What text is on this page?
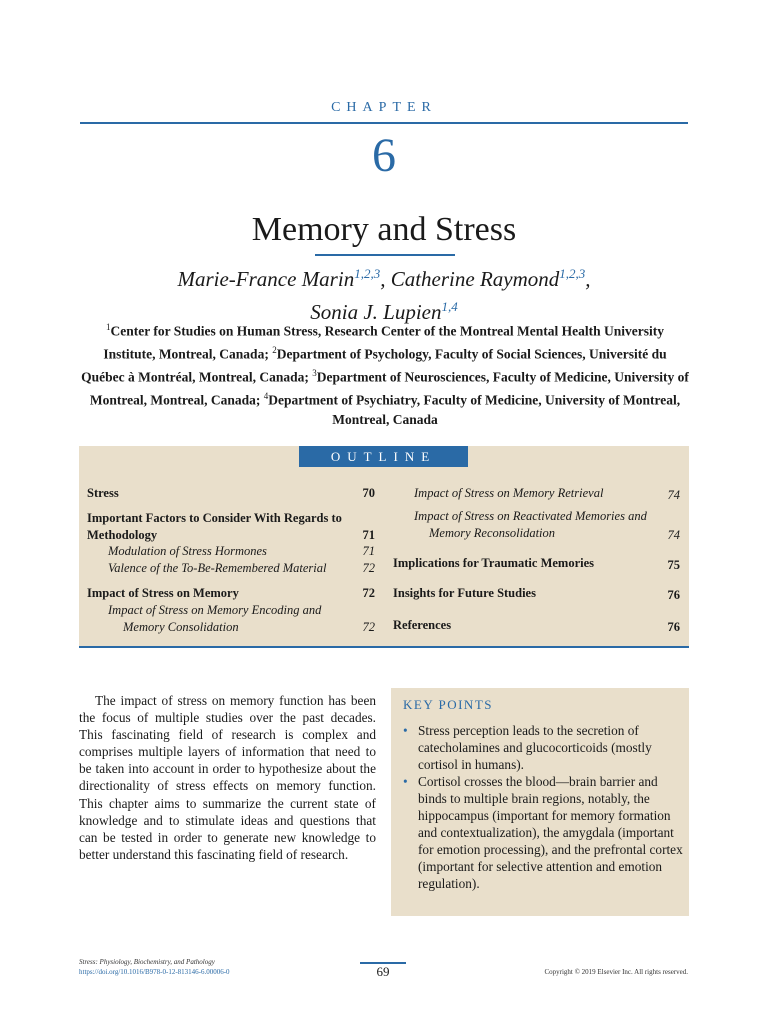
CHAPTER
6
Memory and Stress
Marie-France Marin$^{1,2,3}$, Catherine Raymond$^{1,2,3}$,
Sonia J. Lupien$^{1,4}$
$^1$Center for Studies on Human Stress, Research Center of the Montreal Mental Health University Institute, Montreal, Canada; $^2$Department of Psychology, Faculty of Social Sciences, Université du Québec à Montréal, Montreal, Canada; $^3$Department of Neurosciences, Faculty of Medicine, University of Montreal, Montreal, Canada; $^4$Department of Psychiatry, Faculty of Medicine, University of Montreal, Montreal, Canada
OUTLINE
Stress	70
Important Factors to Consider With Regards to
Methodology	71
Modulation of Stress Hormones	71
Valence of the To-Be-Remembered Material	72
Impact of Stress on Memory	72
Impact of Stress on Memory Encoding and
Memory Consolidation	72
Impact of Stress on Memory Retrieval	74
Impact of Stress on Reactivated Memories and
Memory Reconsolidation	74
Implications for Traumatic Memories	75
Insights for Future Studies	76
References	76

The impact of stress on memory function has been the focus of multiple studies over the past decades. This fascinating field of research is complex and comprises multiple layers of information that need to be taken into account in order to hypothesize about the directionality of stress effects on memory function. This chapter aims to summarize the current state of knowledge and to stimulate ideas and questions that can be tested in order to generate new knowledge to better understand this fascinating field of research.

KEY POINTS
• Stress perception leads to the secretion of catecholamines and glucocorticoids (mostly cortisol in humans).
• Cortisol crosses the blood—brain barrier and binds to multiple brain regions, notably, the hippocampus (important for memory formation and contextualization), the amygdala (important for emotion processing), and the prefrontal cortex (important for selective attention and emotion regulation).
Stress: Physiology, Biochemistry, and Pathology
https://doi.org/10.1016/B978-0-12-813146-6.00006-0	69	Copyright © 2019 Elsevier Inc. All rights reserved.
